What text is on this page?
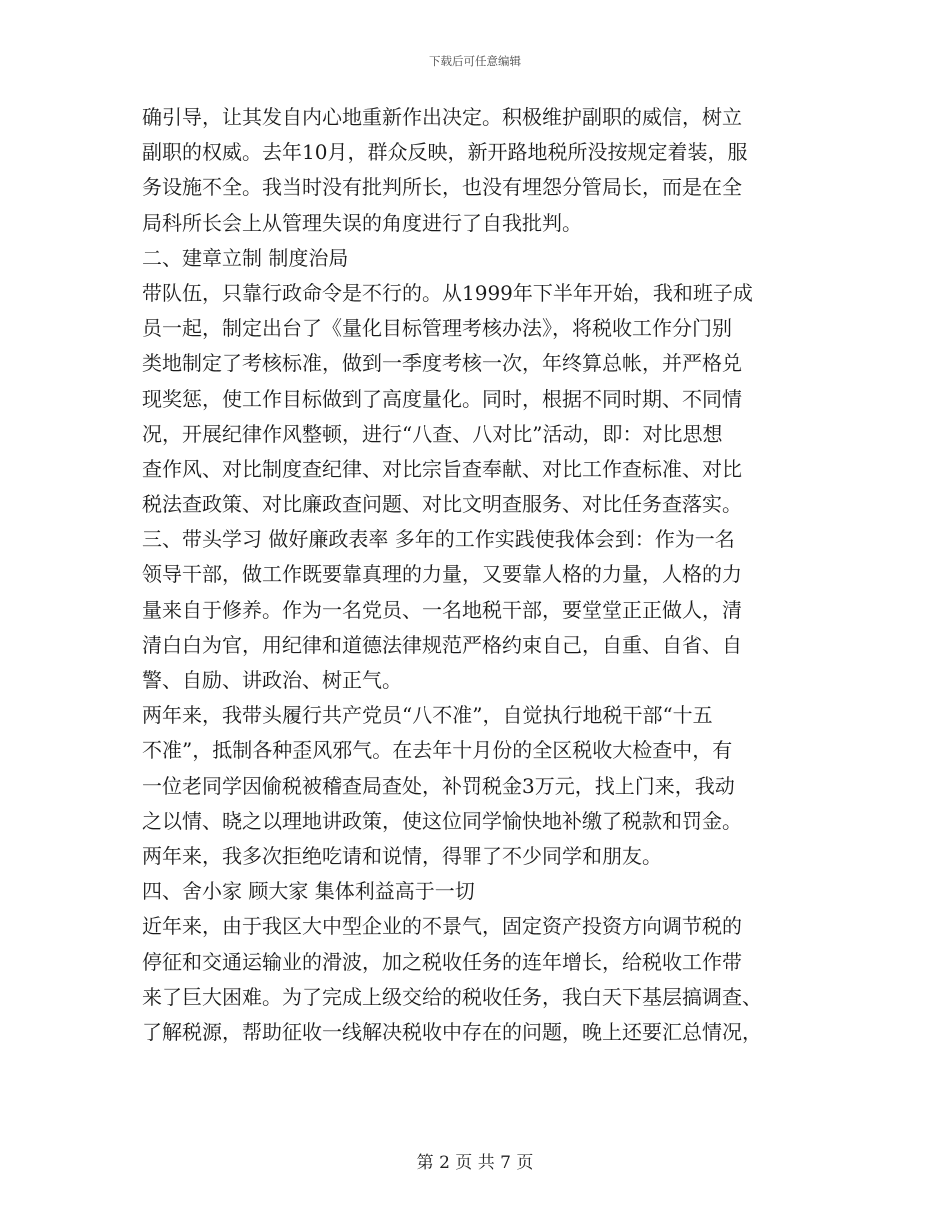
下载后可任意编辑
确引导，让其发自内心地重新作出决定。积极维护副职的威信，树立
副职的权威。去年10月，群众反映，新开路地税所没按规定着装，服
务设施不全。我当时没有批判所长，也没有埋怨分管局长，而是在全
局科所长会上从管理失误的角度进行了自我批判。
二、建章立制 制度治局
带队伍，只靠行政命令是不行的。从1999年下半年开始，我和班子成
员一起，制定出台了《量化目标管理考核办法》，将税收工作分门别
类地制定了考核标准，做到一季度考核一次，年终算总帐，并严格兑
现奖惩，使工作目标做到了高度量化。同时，根据不同时期、不同情
况，开展纪律作风整顿，进行“八查、八对比”活动，即：对比思想
查作风、对比制度查纪律、对比宗旨查奉献、对比工作查标准、对比
税法查政策、对比廉政查问题、对比文明查服务、对比任务查落实。
三、带头学习 做好廉政表率 多年的工作实践使我体会到：作为一名
领导干部，做工作既要靠真理的力量，又要靠人格的力量，人格的力
量来自于修养。作为一名党员、一名地税干部，要堂堂正正做人，清
清白白为官，用纪律和道德法律规范严格约束自己，自重、自省、自
警、自励、讲政治、树正气。
两年来，我带头履行共产党员“八不准”，自觉执行地税干部“十五
不准”，抵制各种歪风邪气。在去年十月份的全区税收大检查中，有
一位老同学因偷税被稽查局查处，补罚税金3万元，找上门来，我动
之以情、晓之以理地讲政策，使这位同学愉快地补缴了税款和罚金。
两年来，我多次拒绝吃请和说情，得罪了不少同学和朋友。
四、舍小家 顾大家 集体利益高于一切
近年来，由于我区大中型企业的不景气，固定资产投资方向调节税的
停征和交通运输业的滑波，加之税收任务的连年增长，给税收工作带
来了巨大困难。为了完成上级交给的税收任务，我白天下基层搞调查、
了解税源，帮助征收一线解决税收中存在的问题，晚上还要汇总情况，
第 2 页 共 7 页
